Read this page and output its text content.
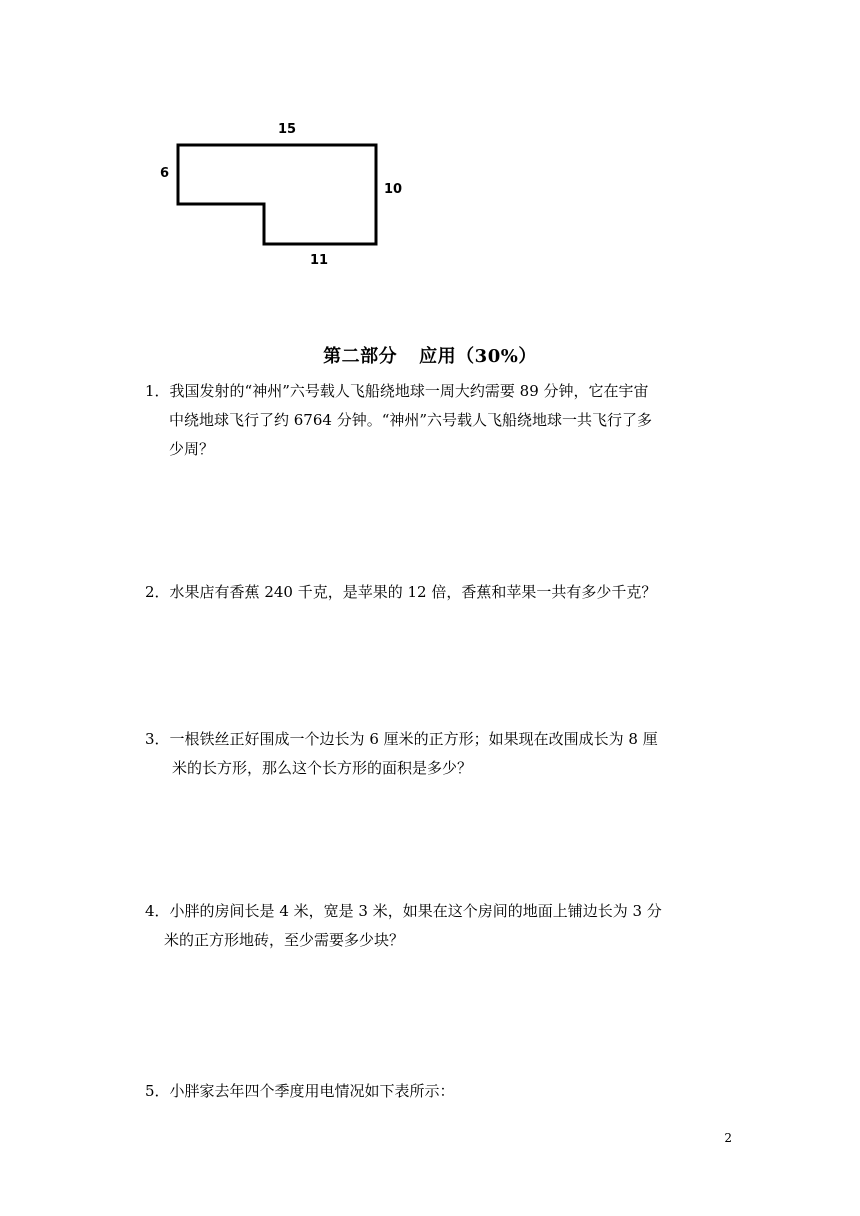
15
6
10
11
第二部分 应用（30%）
1．我国发射的“神州”六号载人飞船绕地球一周大约需要 89 分钟，它在宇宙
中绕地球飞行了约 6764 分钟。“神州”六号载人飞船绕地球一共飞行了多
少周？
2．水果店有香蕉 240 千克，是苹果的 12 倍，香蕉和苹果一共有多少千克？
3．一根铁丝正好围成一个边长为 6 厘米的正方形；如果现在改围成长为 8 厘
米的长方形，那么这个长方形的面积是多少？
4．小胖的房间长是 4 米，宽是 3 米，如果在这个房间的地面上铺边长为 3 分
米的正方形地砖，至少需要多少块？
5．小胖家去年四个季度用电情况如下表所示：
2
